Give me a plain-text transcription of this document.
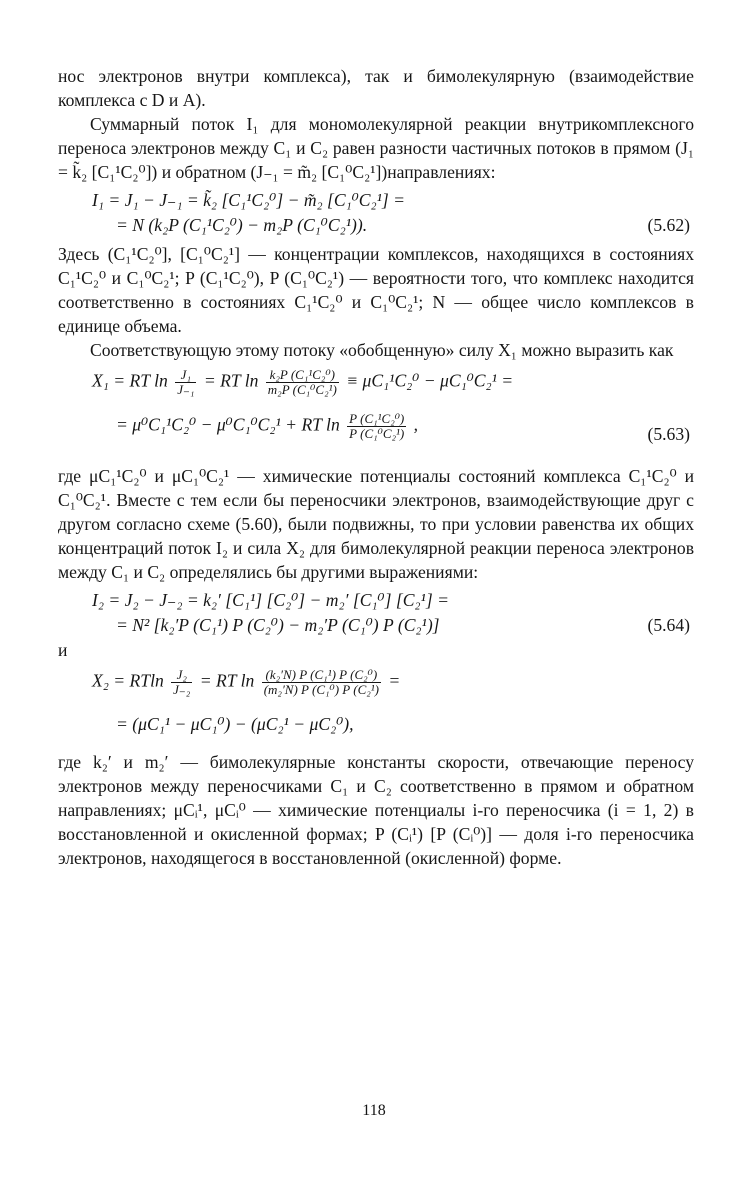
нос электронов внутри комплекса), так и бимолекулярную (взаимодействие комплекса с D и A).

Суммарный поток I₁ для мономолекулярной реакции внутрикомплексного переноса электронов между C₁ и C₂ равен разности частичных потоков в прямом (J₁ = k̃₂ [C₁¹C₂⁰]) и обратном (J₋₁ = m̃₂ [C₁⁰C₂¹])направлениях:

I₁ = J₁ − J₋₁ = k̃₂ [C₁¹C₂⁰] − m̃₂ [C₁⁰C₂¹] =
= N (k₂P (C₁¹C₂⁰) − m₂P (C₁⁰C₂¹)).	(5.62)

Здесь (C₁¹C₂⁰], [C₁⁰C₂¹] — концентрации комплексов, находящихся в состояниях C₁¹C₂⁰ и C₁⁰C₂¹; P (C₁¹C₂⁰), P (C₁⁰C₂¹) — вероятности того, что комплекс находится соответственно в состояниях C₁¹C₂⁰ и C₁⁰C₂¹; N — общее число комплексов в единице объема.

Соответствующую этому потоку «обобщенную» силу X₁ можно выразить как

X₁ = RT $\ln \frac{\text{J₁}}{\text{J₋₁}}$ = RT $\ln \frac{\text{k₂P (C₁¹C₂⁰)}}{\text{m₂P (C₁⁰C₂¹)}} \equiv \mu C_1^1C_2^0 - \mu C_1^0C_2^1$ =
= μ⁰C₁¹C₂⁰ − μ⁰C₁⁰C₂¹ + RT $\ln \frac{\text{P (C₁¹C₂⁰)}}{\text{P (C₁⁰C₂¹)}}$ ,	(5.63)

где μC₁¹C₂⁰ и μC₁⁰C₂¹ — химические потенциалы состояний комплекса C₁¹C₂⁰ и C₁⁰C₂¹. Вместе с тем если бы переносчики электронов, взаимодействующие друг с другом согласно схеме (5.60), были подвижны, то при условии равенства их общих концентраций поток I₂ и сила X₂ для бимолекулярной реакции переноса электронов между C₁ и C₂ определялись бы другими выражениями:

I₂ = J₂ − J₋₂ = k₂′ [C₁¹] [C₂⁰] − m₂′ [C₁⁰] [C₂¹] =
= N² [k₂′P (C₁¹) P (C₂⁰) − m₂′P (C₁⁰) P (C₂¹)]	(5.64)

и

X₂ = RTln $\frac{\text{J₂}}{\text{J₋₂}}$ = RT $\ln \frac{\text{(k₂′N) P (C₁¹) P (C₂⁰)}}{\text{(m₂′N) P (C₁⁰) P (C₂¹)}}$ =
= (μC₁¹ − μC₁⁰) − (μC₂¹ − μC₂⁰),

где k₂′ и m₂′ — бимолекулярные константы скорости, отвечающие переносу электронов между переносчиками C₁ и C₂ соответственно в прямом и обратном направлениях; μCᵢ¹, μCᵢ⁰ — химические потенциалы i-го переносчика (i = 1, 2) в восстановленной и окисленной формах; P (Cᵢ¹) [P (Cᵢ⁰)] — доля i-го переносчика электронов, находящегося в восстановленной (окисленной) форме.

118
